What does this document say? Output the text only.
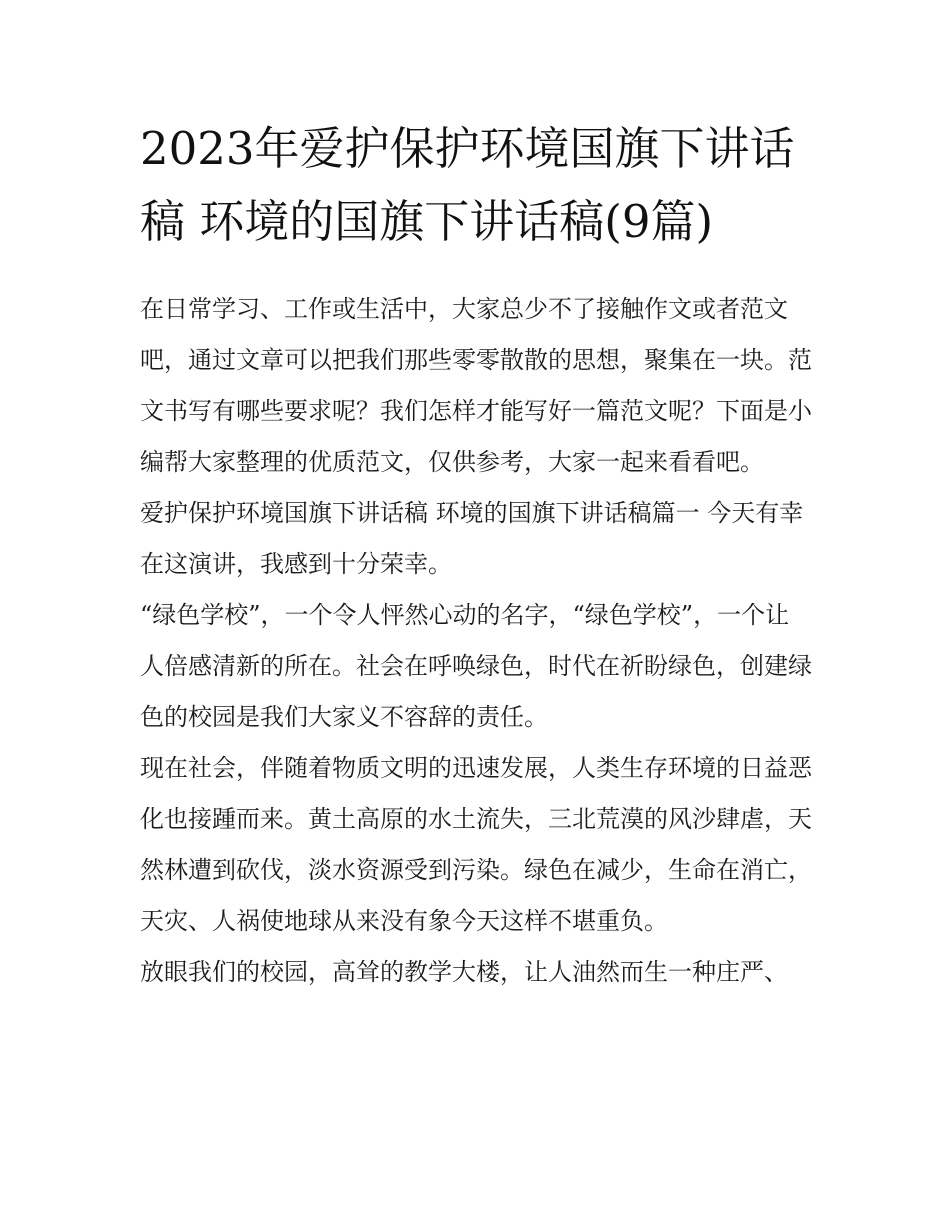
2023年爱护保护环境国旗下讲话稿 环境的国旗下讲话稿(9篇)

在日常学习、工作或生活中，大家总少不了接触作文或者范文吧，通过文章可以把我们那些零零散散的思想，聚集在一块。范文书写有哪些要求呢？我们怎样才能写好一篇范文呢？下面是小编帮大家整理的优质范文，仅供参考，大家一起来看看吧。

爱护保护环境国旗下讲话稿 环境的国旗下讲话稿篇一 今天有幸在这演讲，我感到十分荣幸。

“绿色学校”，一个令人怦然心动的名字，“绿色学校”，一个让人倍感清新的所在。社会在呼唤绿色，时代在祈盼绿色，创建绿色的校园是我们大家义不容辞的责任。

现在社会，伴随着物质文明的迅速发展，人类生存环境的日益恶化也接踵而来。黄土高原的水土流失，三北荒漠的风沙肆虐，天然林遭到砍伐，淡水资源受到污染。绿色在减少，生命在消亡，天灾、人祸使地球从来没有象今天这样不堪重负。

放眼我们的校园，高耸的教学大楼，让人油然而生一种庄严、
